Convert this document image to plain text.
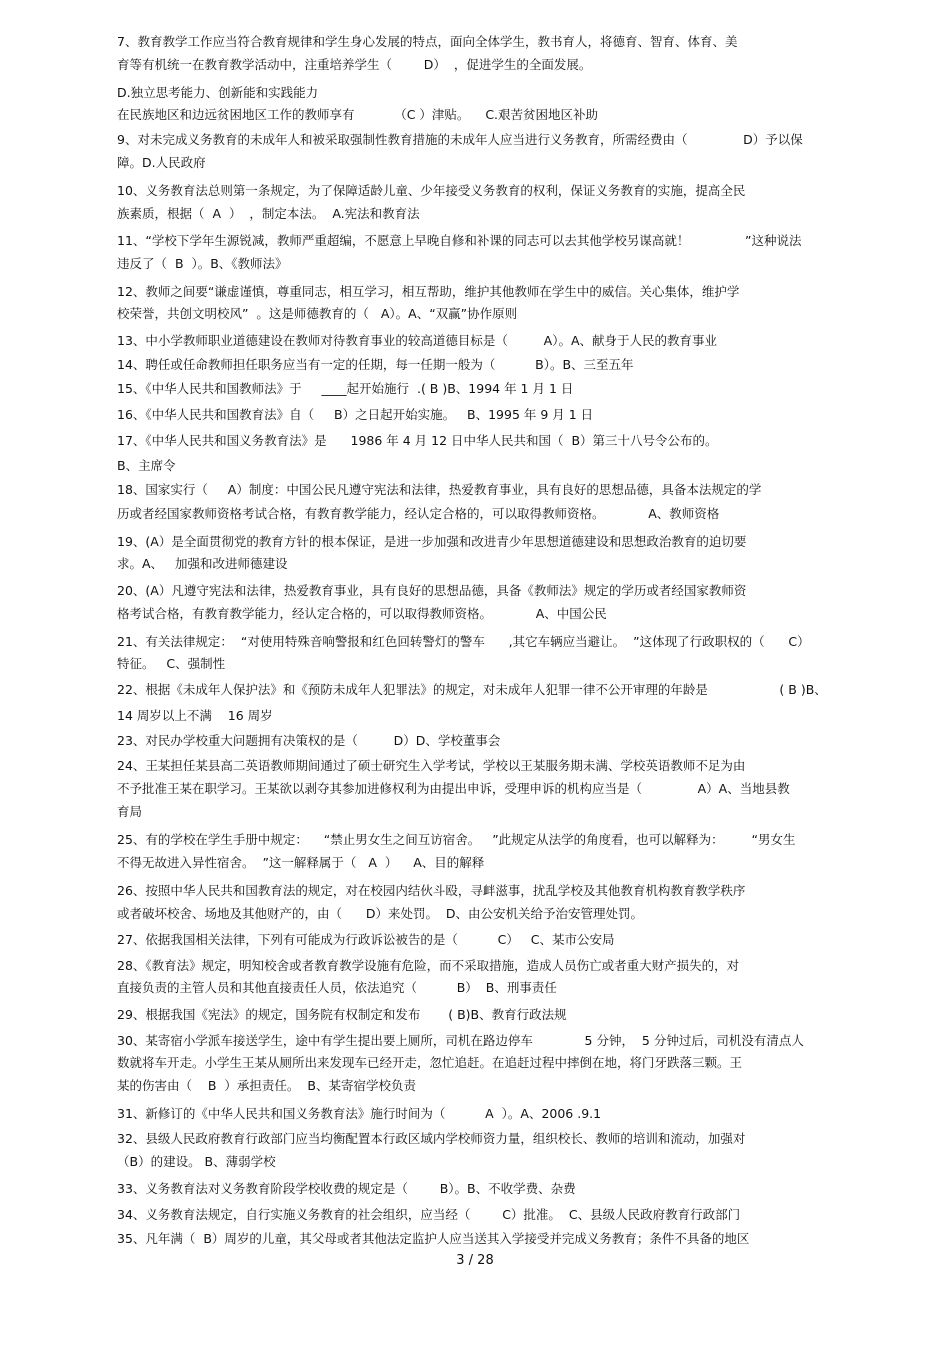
7、教育教学工作应当符合教育规律和学生身心发展的特点，面向全体学生，教书育人，将德育、智育、体育、美
育等有机统一在教育教学活动中，注重培养学生（        D）  ，促进学生的全面发展。
D.独立思考能力、创新能和实践能力
在民族地区和边远贫困地区工作的教师享有          （C ）津贴。    C.艰苦贫困地区补助
9、对未完成义务教育的未成年人和被采取强制性教育措施的未成年人应当进行义务教育，所需经费由（              D）予以保
障。D.人民政府
10、义务教育法总则第一条规定，为了保障适龄儿童、少年接受义务教育的权利，保证义务教育的实施，提高全民
族素质，根据（  A  ）  ，制定本法。  A.宪法和教育法
11、“学校下学年生源锐减，教师严重超编，不愿意上早晚自修和补课的同志可以去其他学校另谋高就！              ”这种说法
违反了（  B  ）。B、《教师法》
12、教师之间要“谦虚谨慎，尊重同志，相互学习，相互帮助，维护其他教师在学生中的威信。关心集体，维护学
校荣誉，共创文明校风”  。这是师德教育的（   A）。A、“双赢”协作原则
13、中小学教师职业道德建设在教师对待教育事业的较高道德目标是（         A）。A、献身于人民的教育事业
14、聘任或任命教师担任职务应当有一定的任期，每一任期一般为（          B）。B、三至五年
15、《中华人民共和国教师法》于     ____起开始施行  .( B )B、1994 年 1 月 1 日
16、《中华人民共和国教育法》自（     B）之日起开始实施。   B、1995 年 9 月 1 日
17、《中华人民共和国义务教育法》是      1986 年 4 月 12 日中华人民共和国（  B）第三十八号令公布的。
B、主席令
18、国家实行（     A）制度：中国公民凡遵守宪法和法律，热爱教育事业，具有良好的思想品德，具备本法规定的学
历或者经国家教师资格考试合格，有教育教学能力，经认定合格的，可以取得教师资格。           A、教师资格
19、(A）是全面贯彻党的教育方针的根本保证，是进一步加强和改进青少年思想道德建设和思想政治教育的迫切要
求。A、   加强和改进师德建设
20、(A）凡遵守宪法和法律，热爱教育事业，具有良好的思想品德，具备《教师法》规定的学历或者经国家教师资
格考试合格，有教育教学能力，经认定合格的，可以取得教师资格。           A、中国公民
21、有关法律规定：  “对使用特殊音响警报和红色回转警灯的警车      ,其它车辆应当避让。  ”这体现了行政职权的（      C）
特征。   C、强制性
22、根据《未成年人保护法》和《预防未成年人犯罪法》的规定，对未成年人犯罪一律不公开审理的年龄是                  ( B )B、
14 周岁以上不满    16 周岁
23、对民办学校重大问题拥有决策权的是（         D）D、学校董事会
24、王某担任某县高二英语教师期间通过了硕士研究生入学考试，学校以王某服务期未满、学校英语教师不足为由
不予批准王某在职学习。王某欲以剥夺其参加进修权利为由提出申诉，受理申诉的机构应当是（              A）A、当地县教
育局
25、有的学校在学生手册中规定：    “禁止男女生之间互访宿舍。   ”此规定从法学的角度看，也可以解释为：       “男女生
不得无故进入异性宿舍。  ”这一解释属于（   A  ）    A、目的解释
26、按照中华人民共和国教育法的规定，对在校园内结伙斗殴，寻衅滋事，扰乱学校及其他教育机构教育教学秩序
或者破坏校舍、场地及其他财产的，由（      D）来处罚。  D、由公安机关给予治安管理处罚。
27、依据我国相关法律，下列有可能成为行政诉讼被告的是（          C）   C、某市公安局
28、《教育法》规定，明知校舍或者教育教学设施有危险，而不采取措施，造成人员伤亡或者重大财产损失的，对
直接负责的主管人员和其他直接责任人员，依法追究（          B）  B、刑事责任
29、根据我国《宪法》的规定，国务院有权制定和发布       ( B)B、教育行政法规
30、某寄宿小学派车接送学生，途中有学生提出要上厕所，司机在路边停车             5 分钟，  5 分钟过后，司机没有清点人
数就将车开走。小学生王某从厕所出来发现车已经开走，忽忙追赶。在追赶过程中摔倒在地，将门牙跌落三颗。王
某的伤害由（    B  ）承担责任。  B、某寄宿学校负责
31、新修订的《中华人民共和国义务教育法》施行时间为（          A  ）。A、2006 .9.1
32、县级人民政府教育行政部门应当均衡配置本行政区域内学校师资力量，组织校长、教师的培训和流动，加强对
（B）的建设。 B、薄弱学校
33、义务教育法对义务教育阶段学校收费的规定是（        B）。B、不收学费、杂费
34、义务教育法规定，自行实施义务教育的社会组织，应当经（        C）批准。  C、县级人民政府教育行政部门
35、凡年满（  B）周岁的儿童，其父母或者其他法定监护人应当送其入学接受并完成义务教育；条件不具备的地区
3 / 28
